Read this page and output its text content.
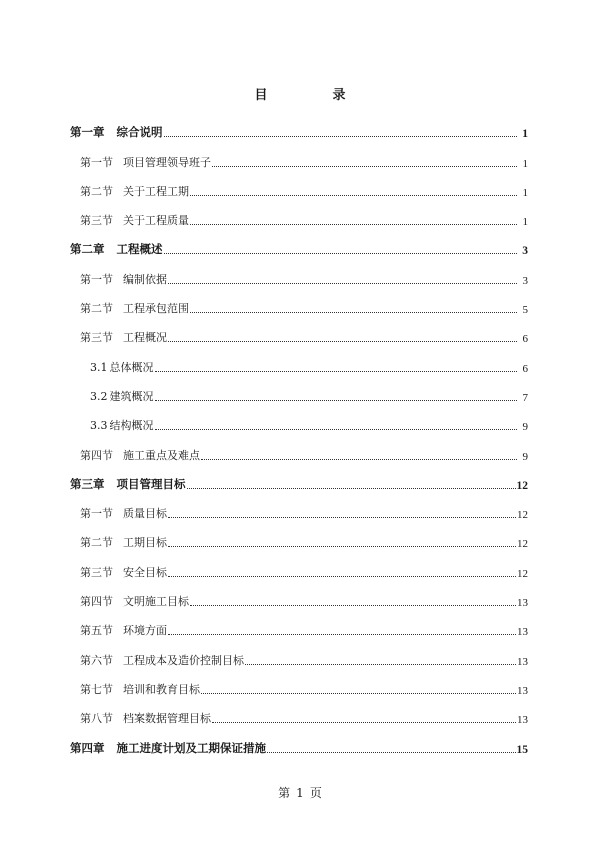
目　录
第一章 综合说明	1
第一节 项目管理领导班子	1
第二节 关于工程工期	1
第三节 关于工程质量	1
第二章 工程概述	3
第一节 编制依据	3
第二节 工程承包范围	5
第三节 工程概况	6
3.1 总体概况	6
3.2 建筑概况	7
3.3 结构概况	9
第四节 施工重点及难点	9
第三章 项目管理目标	12
第一节 质量目标	12
第二节 工期目标	12
第三节 安全目标	12
第四节 文明施工目标	13
第五节 环境方面	13
第六节 工程成本及造价控制目标	13
第七节 培训和教育目标	13
第八节 档案数据管理目标	13
第四章 施工进度计划及工期保证措施	15
第 1 页
